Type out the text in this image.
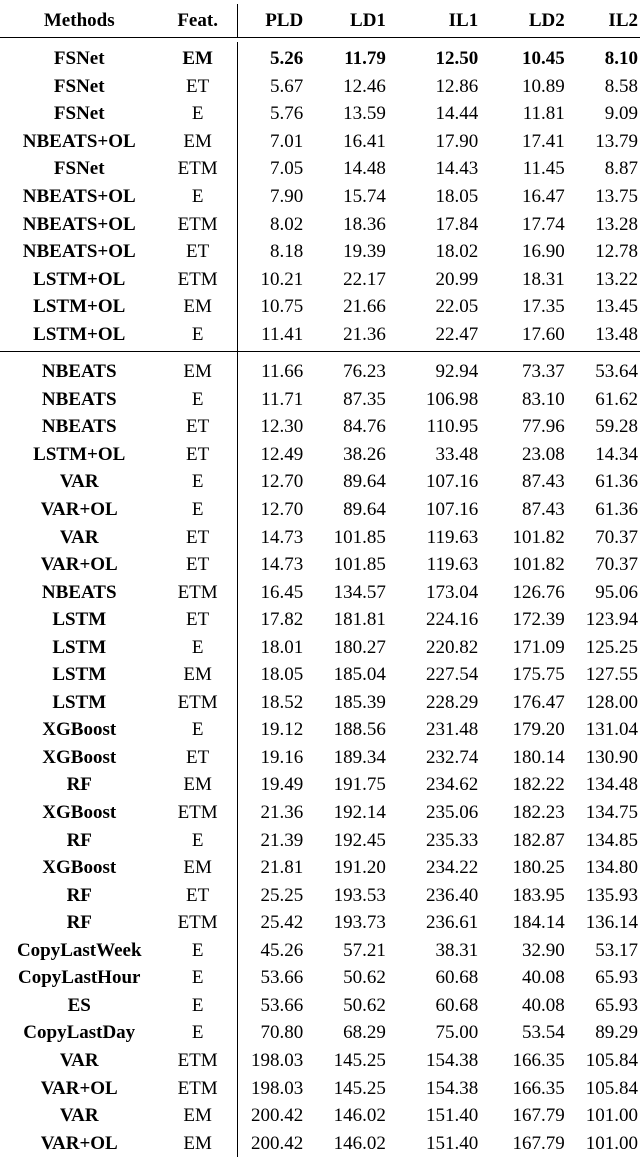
Methods	Feat.	PLD	LD1	IL1	LD2	IL2

FSNet	EM	5.26	11.79	12.50	10.45	8.10
FSNet	ET	5.67	12.46	12.86	10.89	8.58
FSNet	E	5.76	13.59	14.44	11.81	9.09
NBEATS+OL	EM	7.01	16.41	17.90	17.41	13.79
FSNet	ETM	7.05	14.48	14.43	11.45	8.87
NBEATS+OL	E	7.90	15.74	18.05	16.47	13.75
NBEATS+OL	ETM	8.02	18.36	17.84	17.74	13.28
NBEATS+OL	ET	8.18	19.39	18.02	16.90	12.78
LSTM+OL	ETM	10.21	22.17	20.99	18.31	13.22
LSTM+OL	EM	10.75	21.66	22.05	17.35	13.45
LSTM+OL	E	11.41	21.36	22.47	17.60	13.48
NBEATS	EM	11.66	76.23	92.94	73.37	53.64
NBEATS	E	11.71	87.35	106.98	83.10	61.62
NBEATS	ET	12.30	84.76	110.95	77.96	59.28
LSTM+OL	ET	12.49	38.26	33.48	23.08	14.34
VAR	E	12.70	89.64	107.16	87.43	61.36
VAR+OL	E	12.70	89.64	107.16	87.43	61.36
VAR	ET	14.73	101.85	119.63	101.82	70.37
VAR+OL	ET	14.73	101.85	119.63	101.82	70.37
NBEATS	ETM	16.45	134.57	173.04	126.76	95.06
LSTM	ET	17.82	181.81	224.16	172.39	123.94
LSTM	E	18.01	180.27	220.82	171.09	125.25
LSTM	EM	18.05	185.04	227.54	175.75	127.55
LSTM	ETM	18.52	185.39	228.29	176.47	128.00
XGBoost	E	19.12	188.56	231.48	179.20	131.04
XGBoost	ET	19.16	189.34	232.74	180.14	130.90
RF	EM	19.49	191.75	234.62	182.22	134.48
XGBoost	ETM	21.36	192.14	235.06	182.23	134.75
RF	E	21.39	192.45	235.33	182.87	134.85
XGBoost	EM	21.81	191.20	234.22	180.25	134.80
RF	ET	25.25	193.53	236.40	183.95	135.93
RF	ETM	25.42	193.73	236.61	184.14	136.14
CopyLastWeek	E	45.26	57.21	38.31	32.90	53.17
CopyLastHour	E	53.66	50.62	60.68	40.08	65.93
ES	E	53.66	50.62	60.68	40.08	65.93
CopyLastDay	E	70.80	68.29	75.00	53.54	89.29
VAR	ETM	198.03	145.25	154.38	166.35	105.84
VAR+OL	ETM	198.03	145.25	154.38	166.35	105.84
VAR	EM	200.42	146.02	151.40	167.79	101.00
VAR+OL	EM	200.42	146.02	151.40	167.79	101.00
